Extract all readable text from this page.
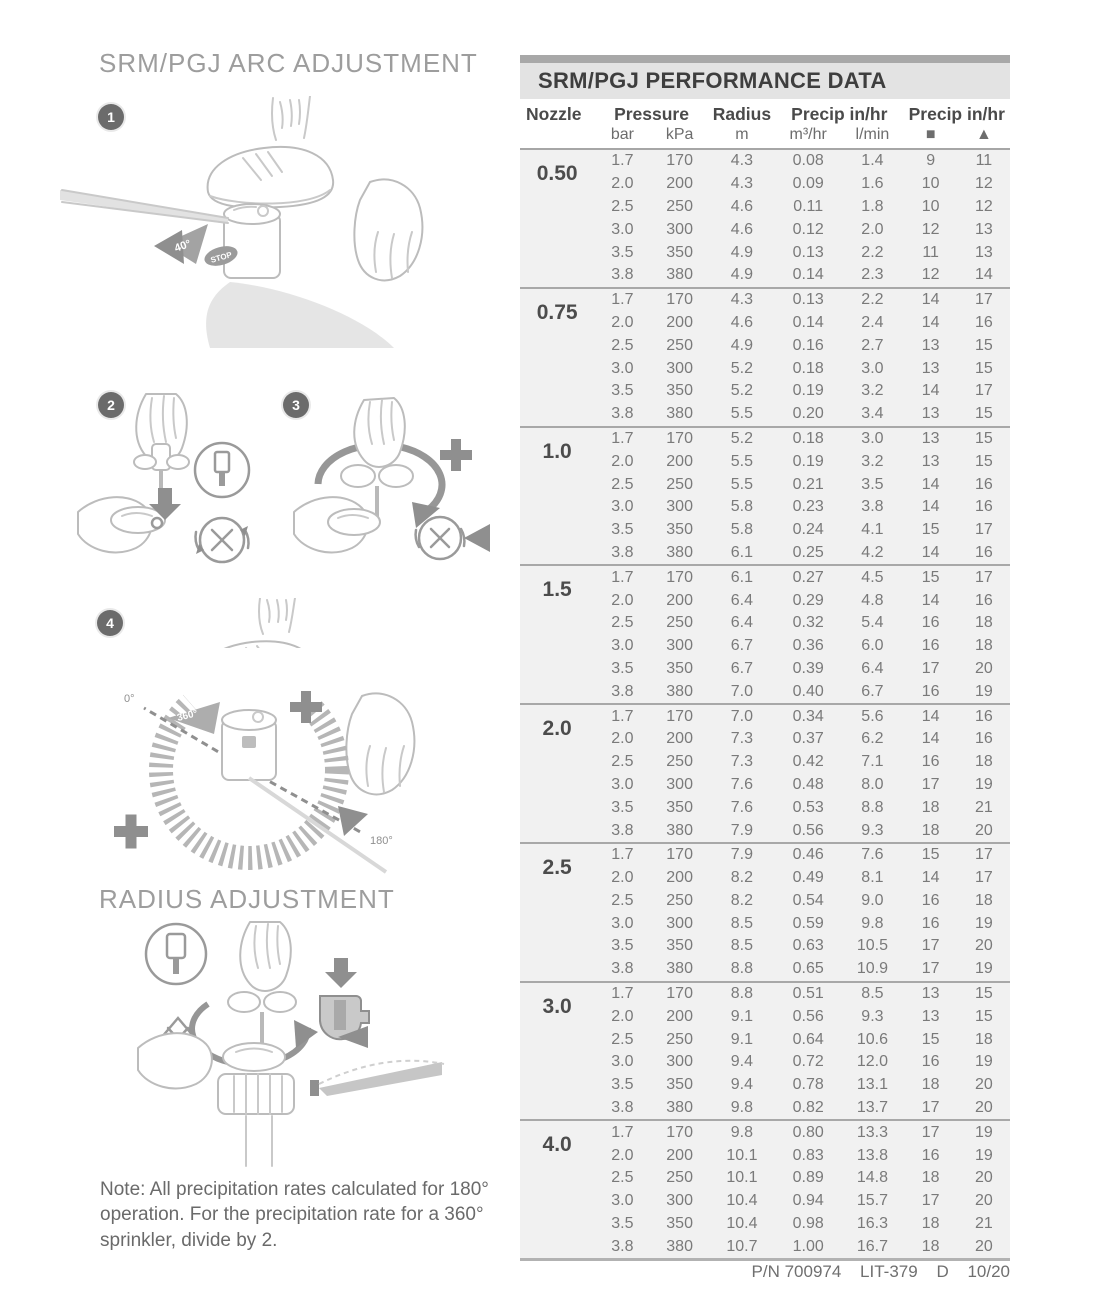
SRM/PGJ ARC ADJUSTMENT
1
2	3
4
40°
STOP
0°
180°
360°
RADIUS ADJUSTMENT
Note: All precipitation rates calculated for 180° operation. For the precipitation rate for a 360° sprinkler, divide by 2.
SRM/PGJ PERFORMANCE DATA
Nozzle	Pressure		Radius	Precip in/hr		Precip in/hr	
	bar	kPa	m	m³/hr	l/min	■	▲
0.50	1.7	170	4.3	0.08	1.4	9	11
	2.0	200	4.3	0.09	1.6	10	12
	2.5	250	4.6	0.11	1.8	10	12
	3.0	300	4.6	0.12	2.0	12	13
	3.5	350	4.9	0.13	2.2	11	13
	3.8	380	4.9	0.14	2.3	12	14
0.75	1.7	170	4.3	0.13	2.2	14	17
	2.0	200	4.6	0.14	2.4	14	16
	2.5	250	4.9	0.16	2.7	13	15
	3.0	300	5.2	0.18	3.0	13	15
	3.5	350	5.2	0.19	3.2	14	17
	3.8	380	5.5	0.20	3.4	13	15
1.0	1.7	170	5.2	0.18	3.0	13	15
	2.0	200	5.5	0.19	3.2	13	15
	2.5	250	5.5	0.21	3.5	14	16
	3.0	300	5.8	0.23	3.8	14	16
	3.5	350	5.8	0.24	4.1	15	17
	3.8	380	6.1	0.25	4.2	14	16
1.5	1.7	170	6.1	0.27	4.5	15	17
	2.0	200	6.4	0.29	4.8	14	16
	2.5	250	6.4	0.32	5.4	16	18
	3.0	300	6.7	0.36	6.0	16	18
	3.5	350	6.7	0.39	6.4	17	20
	3.8	380	7.0	0.40	6.7	16	19
2.0	1.7	170	7.0	0.34	5.6	14	16
	2.0	200	7.3	0.37	6.2	14	16
	2.5	250	7.3	0.42	7.1	16	18
	3.0	300	7.6	0.48	8.0	17	19
	3.5	350	7.6	0.53	8.8	18	21
	3.8	380	7.9	0.56	9.3	18	20
2.5	1.7	170	7.9	0.46	7.6	15	17
	2.0	200	8.2	0.49	8.1	14	17
	2.5	250	8.2	0.54	9.0	16	18
	3.0	300	8.5	0.59	9.8	16	19
	3.5	350	8.5	0.63	10.5	17	20
	3.8	380	8.8	0.65	10.9	17	19
3.0	1.7	170	8.8	0.51	8.5	13	15
	2.0	200	9.1	0.56	9.3	13	15
	2.5	250	9.1	0.64	10.6	15	18
	3.0	300	9.4	0.72	12.0	16	19
	3.5	350	9.4	0.78	13.1	18	20
	3.8	380	9.8	0.82	13.7	17	20
4.0	1.7	170	9.8	0.80	13.3	17	19
	2.0	200	10.1	0.83	13.8	16	19
	2.5	250	10.1	0.89	14.8	18	20
	3.0	300	10.4	0.94	15.7	17	20
	3.5	350	10.4	0.98	16.3	18	21
	3.8	380	10.7	1.00	16.7	18	20
P/N 700974 LIT-379 D 10/20
